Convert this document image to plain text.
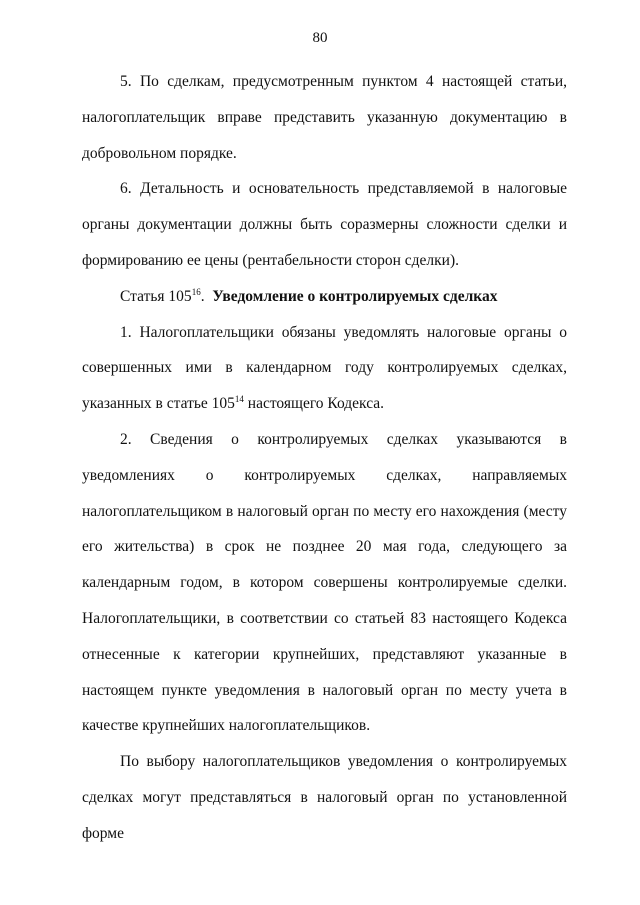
80

5. По сделкам, предусмотренным пунктом 4 настоящей статьи, налогоплательщик вправе представить указанную документацию в добровольном порядке.

6. Детальность и основательность представляемой в налоговые органы документации должны быть соразмерны сложности сделки и формированию ее цены (рентабельности сторон сделки).

Статья $105^{16}$. Уведомление о контролируемых сделках

1. Налогоплательщики обязаны уведомлять налоговые органы о совершенных ими в календарном году контролируемых сделках, указанных в статье $105^{14}$ настоящего Кодекса.

2. Сведения о контролируемых сделках указываются в уведомлениях о контролируемых сделках, направляемых налогоплательщиком в налоговый орган по месту его нахождения (месту его жительства) в срок не позднее 20 мая года, следующего за календарным годом, в котором совершены контролируемые сделки. Налогоплательщики, в соответствии со статьей 83 настоящего Кодекса отнесенные к категории крупнейших, представляют указанные в настоящем пункте уведомления в налоговый орган по месту учета в качестве крупнейших налогоплательщиков.

По выбору налогоплательщиков уведомления о контролируемых сделках могут представляться в налоговый орган по установленной форме
